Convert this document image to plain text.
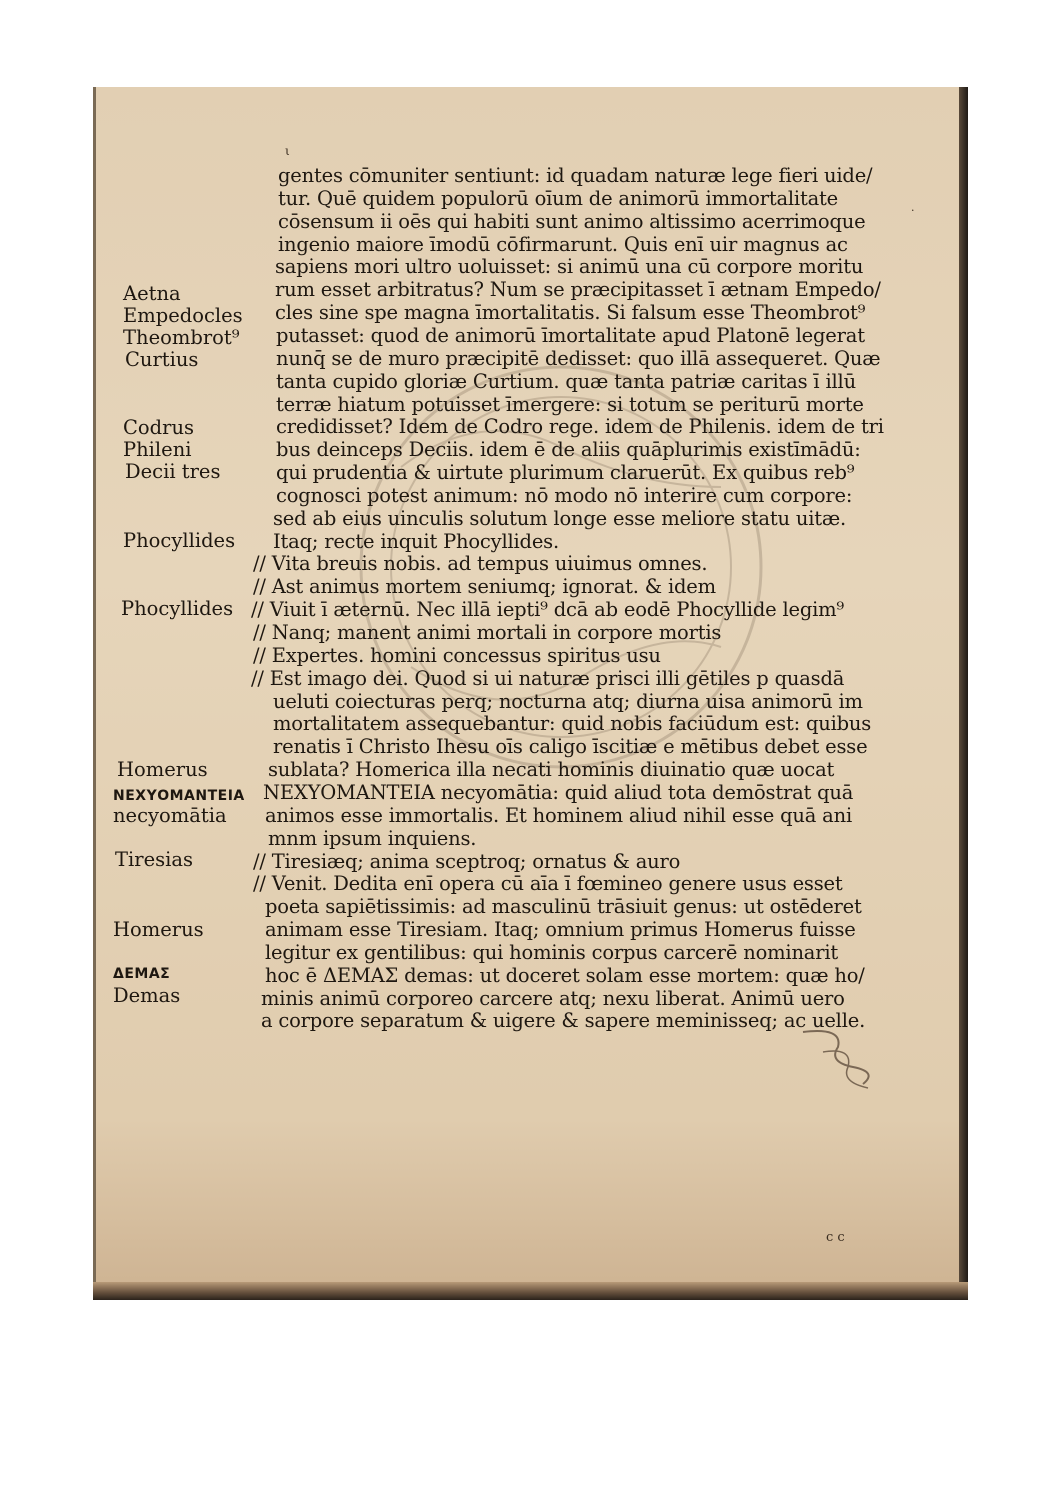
gentes cōmuniter sentiunt: id quadam naturæ lege fieri uide/
tur. Quē quidem populorū oīum de animorū immortalitate
cōsensum ii oēs qui habiti sunt animo altissimo acerrimoque
ingenio maiore īmodū cōfirmarunt. Quis enī uir magnus ac
sapiens mori ultro uoluisset: si animū una cū corpore moritu
rum esset arbitratus? Num se præcipitasset ī ætnam Empedo/
cles sine spe magna īmortalitatis. Si falsum esse Theombrot⁹
putasset: quod de animorū īmortalitate apud Platonē legerat
nunq̄ se de muro præcipitē dedisset: quo illā assequeret. Quæ
tanta cupido gloriæ Curtium. quæ tanta patriæ caritas ī illū
terræ hiatum potuisset īmergere: si totum se periturū morte
credidisset? Idem de Codro rege. idem de Philenis. idem de tri
bus deinceps Deciis. idem ē de aliis quāplurimis existīmādū:
qui prudentia & uirtute plurimum claruerūt. Ex quibus reb⁹
cognosci potest animum: nō modo nō interire cum corpore:
sed ab eius uinculis solutum longe esse meliore statu uitæ.
Itaq; recte inquit Phocyllides.
// Vita breuis nobis. ad tempus uiuimus omnes.
// Ast animus mortem seniumq; ignorat. & idem
// Viuit ī æternū. Nec illā iepti⁹ dcā ab eodē Phocyllide legim⁹
// Nanq; manent animi mortali in corpore mortis
// Expertes. homini concessus spiritus usu
// Est imago dei. Quod si ui naturæ prisci illi gētiles p quasdā
ueluti coiecturas perq; nocturna atq; diurna uisa animorū im
mortalitatem assequebantur: quid nobis faciūdum est: quibus
renatis ī Christo Ihesu oīs caligo īscitiæ e mētibus debet esse
sublata? Homerica illa necati hominis diuinatio quæ uocat
ΝΕΧΥΟΜΑΝΤΕΙΑ necyomātia: quid aliud tota demōstrat quā
animos esse immortalis. Et hominem aliud nihil esse quā ani
mnm ipsum inquiens.
// Tiresiæq; anima sceptroq; ornatus & auro
// Venit. Dedita enī opera cū aīa ī fœmineo genere usus esset
poeta sapiētissimis: ad masculinū trāsiuit genus: ut ostēderet
animam esse Tiresiam. Itaq; omnium primus Homerus fuisse
legitur ex gentilibus: qui hominis corpus carcerē nominarit
hoc ē ΔΕΜΑΣ demas: ut doceret solam esse mortem: quæ ho/
minis animū corporeo carcere atq; nexu liberat. Animū uero
a corpore separatum & uigere & sapere meminisseq; ac uelle.
Aetna
Empedocles
Theombrot⁹
Curtius
Codrus
Phileni
Decii tres
Phocyllides
Phocyllides
Homerus
ΝΕΧΥΟΜΑΝΤΕΙΑ
necyomātia
Tiresias
Homerus
ΔΕΜΑΣ
Demas
ι
c c
·
